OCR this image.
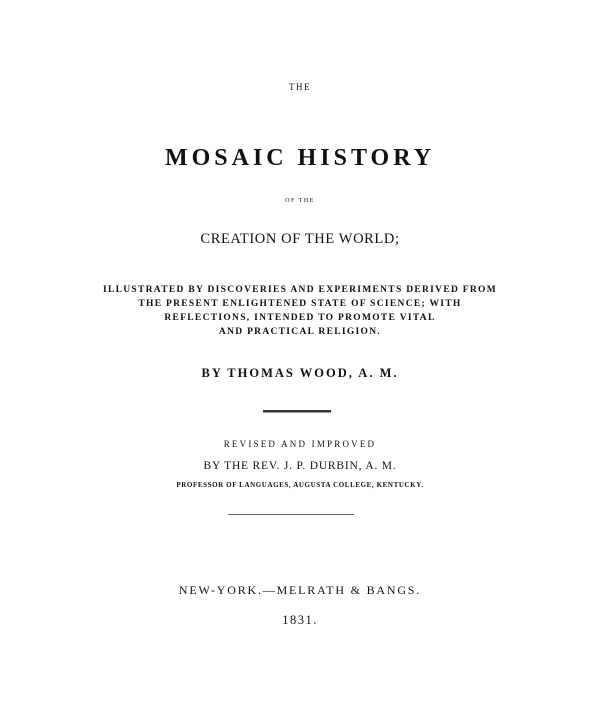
THE
MOSAIC HISTORY
OF THE
CREATION OF THE WORLD;
ILLUSTRATED BY DISCOVERIES AND EXPERIMENTS DERIVED FROM
THE PRESENT ENLIGHTENED STATE OF SCIENCE; WITH
REFLECTIONS, INTENDED TO PROMOTE VITAL
AND PRACTICAL RELIGION.
BY THOMAS WOOD, A. M.
REVISED AND IMPROVED
BY THE REV. J. P. DURBIN, A. M.
PROFESSOR OF LANGUAGES, AUGUSTA COLLEGE, KENTUCKY.
NEW-YORK.—MELRATH & BANGS.
1831.
